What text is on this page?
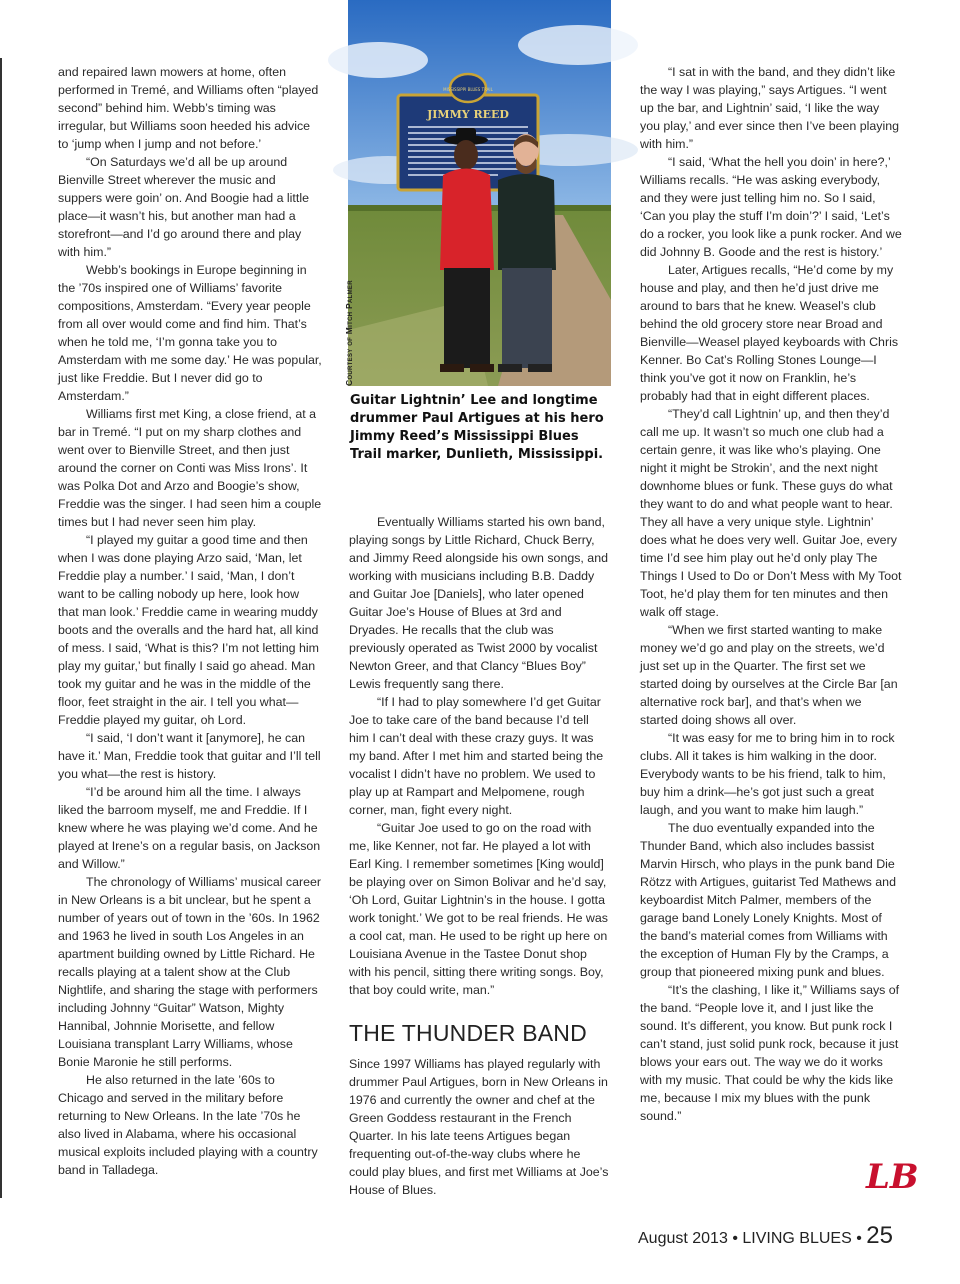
and repaired lawn mowers at home, often performed in Tremé, and Williams often “played second” behind him. Webb’s timing was irregular, but Williams soon heeded his advice to ‘jump when I jump and not before.’

“On Saturdays we’d all be up around Bienville Street wherever the music and suppers were goin’ on. And Boogie had a little place—it wasn’t his, but another man had a storefront—and I’d go around there and play with him.”

Webb’s bookings in Europe beginning in the ’70s inspired one of Williams’ favorite compositions, Amsterdam. “Every year people from all over would come and find him. That’s when he told me, ‘I’m gonna take you to Amsterdam with me some day.’ He was popular, just like Freddie. But I never did go to Amsterdam.”

Williams first met King, a close friend, at a bar in Tremé. “I put on my sharp clothes and went over to Bienville Street, and then just around the corner on Conti was Miss Irons’. It was Polka Dot and Arzo and Boogie’s show, Freddie was the singer. I had seen him a couple times but I had never seen him play.

“I played my guitar a good time and then when I was done playing Arzo said, ‘Man, let Freddie play a number.’ I said, ‘Man, I don’t want to be calling nobody up here, look how that man look.’ Freddie came in wearing muddy boots and the overalls and the hard hat, all kind of mess. I said, ‘What is this? I’m not letting him play my guitar,’ but finally I said go ahead. Man took my guitar and he was in the middle of the floor, feet straight in the air. I tell you what—Freddie played my guitar, oh Lord.

“I said, ‘I don’t want it [anymore], he can have it.’ Man, Freddie took that guitar and I’ll tell you what—the rest is history.

“I’d be around him all the time. I always liked the barroom myself, me and Freddie. If I knew where he was playing we’d come. And he played at Irene’s on a regular basis, on Jackson and Willow.”

The chronology of Williams’ musical career in New Orleans is a bit unclear, but he spent a number of years out of town in the ’60s. In 1962 and 1963 he lived in south Los Angeles in an apartment building owned by Little Richard. He recalls playing at a talent show at the Club Nightlife, and sharing the stage with performers including Johnny “Guitar” Watson, Mighty Hannibal, Johnnie Morisette, and fellow Louisiana transplant Larry Williams, whose Bonie Maronie he still performs.

He also returned in the late ’60s to Chicago and served in the military before returning to New Orleans. In the late ’70s he also lived in Alabama, where his occasional musical exploits included playing with a country band in Talladega.

MISSISSIPPI BLUES TRAIL
JIMMY REED
Courtesy of Mitch Palmer
Guitar Lightnin’ Lee and longtime drummer Paul Artigues at his hero Jimmy Reed’s Mississippi Blues Trail marker, Dunlieth, Mississippi.

Eventually Williams started his own band, playing songs by Little Richard, Chuck Berry, and Jimmy Reed alongside his own songs, and working with musicians including B.B. Daddy and Guitar Joe [Daniels], who later opened Guitar Joe’s House of Blues at 3rd and Dryades. He recalls that the club was previously operated as Twist 2000 by vocalist Newton Greer, and that Clancy “Blues Boy” Lewis frequently sang there.

“If I had to play somewhere I’d get Guitar Joe to take care of the band because I’d tell him I can’t deal with these crazy guys. It was my band. After I met him and started being the vocalist I didn’t have no problem. We used to play up at Rampart and Melpomene, rough corner, man, fight every night.

“Guitar Joe used to go on the road with me, like Kenner, not far. He played a lot with Earl King. I remember sometimes [King would] be playing over on Simon Bolivar and he’d say, ‘Oh Lord, Guitar Lightnin’s in the house. I gotta work tonight.’ We got to be real friends. He was a cool cat, man. He used to be right up here on Louisiana Avenue in the Tastee Donut shop with his pencil, sitting there writing songs. Boy, that boy could write, man.”

THE THUNDER BAND

Since 1997 Williams has played regularly with drummer Paul Artigues, born in New Orleans in 1976 and currently the owner and chef at the Green Goddess restaurant in the French Quarter. In his late teens Artigues began frequenting out-of-the-way clubs where he could play blues, and first met Williams at Joe’s House of Blues.

“I sat in with the band, and they didn’t like the way I was playing,” says Artigues. “I went up the bar, and Lightnin’ said, ‘I like the way you play,’ and ever since then I’ve been playing with him.”

“I said, ‘What the hell you doin’ in here?,’ Williams recalls. “He was asking everybody, and they were just telling him no. So I said, ‘Can you play the stuff I’m doin’?’ I said, ‘Let’s do a rocker, you look like a punk rocker. And we did Johnny B. Goode and the rest is history.’

Later, Artigues recalls, “He’d come by my house and play, and then he’d just drive me around to bars that he knew. Weasel’s club behind the old grocery store near Broad and Bienville—Weasel played keyboards with Chris Kenner. Bo Cat’s Rolling Stones Lounge—I think you’ve got it now on Franklin, he’s probably had that in eight different places.

“They’d call Lightnin’ up, and then they’d call me up. It wasn’t so much one club had a certain genre, it was like who’s playing. One night it might be Strokin’, and the next night downhome blues or funk. These guys do what they want to do and what people want to hear. They all have a very unique style. Lightnin’ does what he does very well. Guitar Joe, every time I’d see him play out he’d only play The Things I Used to Do or Don’t Mess with My Toot Toot, he’d play them for ten minutes and then walk off stage.

“When we first started wanting to make money we’d go and play on the streets, we’d just set up in the Quarter. The first set we started doing by ourselves at the Circle Bar [an alternative rock bar], and that’s when we started doing shows all over.

“It was easy for me to bring him in to rock clubs. All it takes is him walking in the door. Everybody wants to be his friend, talk to him, buy him a drink—he’s got just such a great laugh, and you want to make him laugh.”

The duo eventually expanded into the Thunder Band, which also includes bassist Marvin Hirsch, who plays in the punk band Die Rötzz with Artigues, guitarist Ted Mathews and keyboardist Mitch Palmer, members of the garage band Lonely Lonely Knights. Most of the band’s material comes from Williams with the exception of Human Fly by the Cramps, a group that pioneered mixing punk and blues.

“It’s the clashing, I like it,” Williams says of the band. “People love it, and I just like the sound. It’s different, you know. But punk rock I can’t stand, just solid punk rock, because it just blows your ears out. The way we do it works with my music. That could be why the kids like me, because I mix my blues with the punk sound.”

LB
August 2013 • LIVING BLUES • 25
